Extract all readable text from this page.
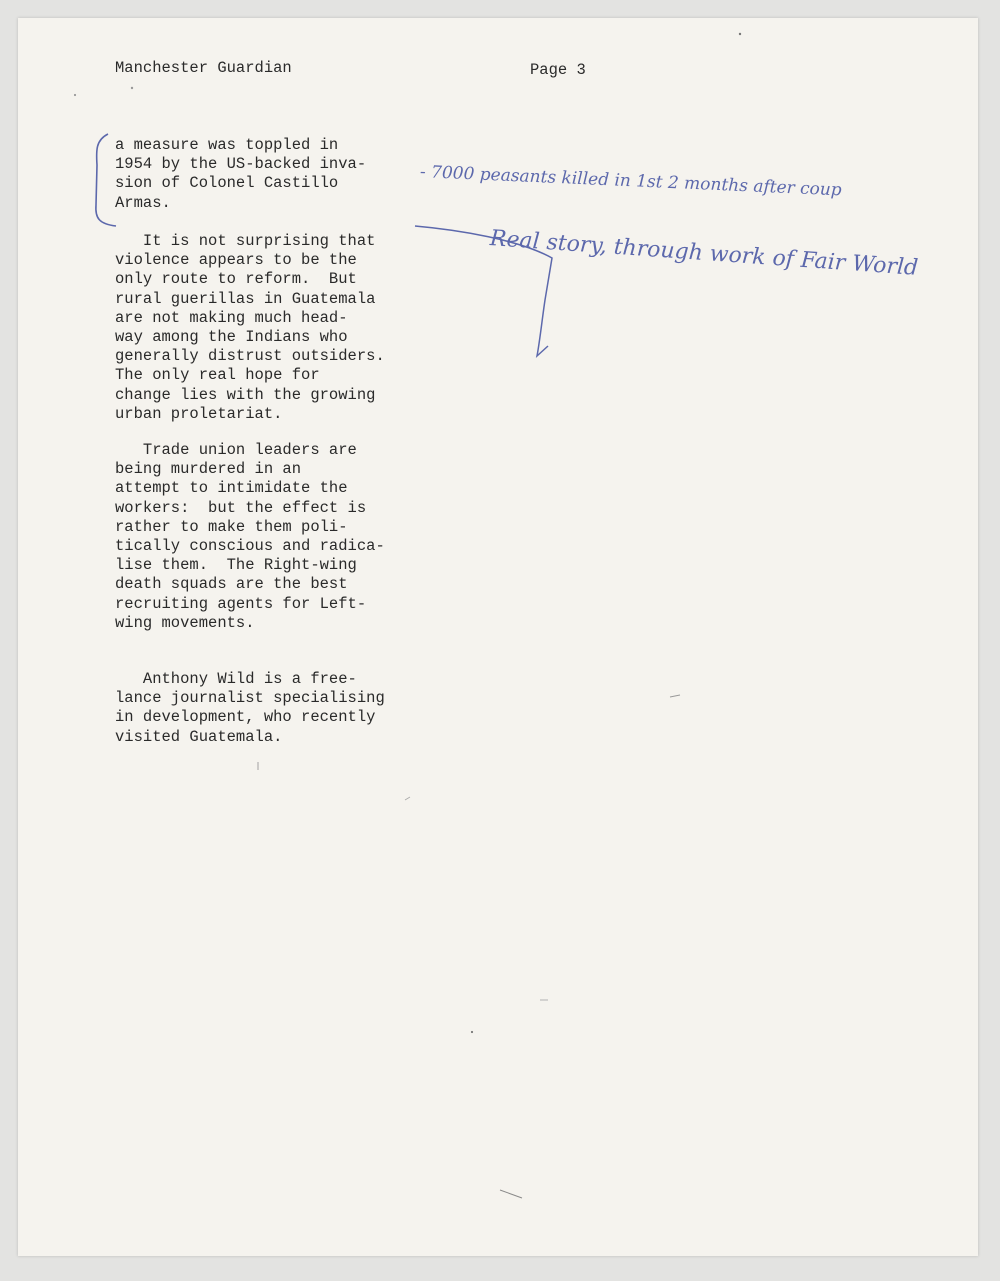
Manchester Guardian	Page 3
a measure was toppled in
1954 by the US-backed inva-
sion of Colonel Castillo
Armas.
It is not surprising that
violence appears to be the
only route to reform.  But
rural guerillas in Guatemala
are not making much head-
way among the Indians who
generally distrust outsiders.
The only real hope for
change lies with the growing
urban proletariat.
Trade union leaders are
being murdered in an
attempt to intimidate the
workers:  but the effect is
rather to make them poli-
tically conscious and radica-
lise them.  The Right-wing
death squads are the best
recruiting agents for Left-
wing movements.
Anthony Wild is a free-
lance journalist specialising
in development, who recently
visited Guatemala.
- 7000 peasants killed in 1st 2 months after coup
Real story, through work of Fair World
